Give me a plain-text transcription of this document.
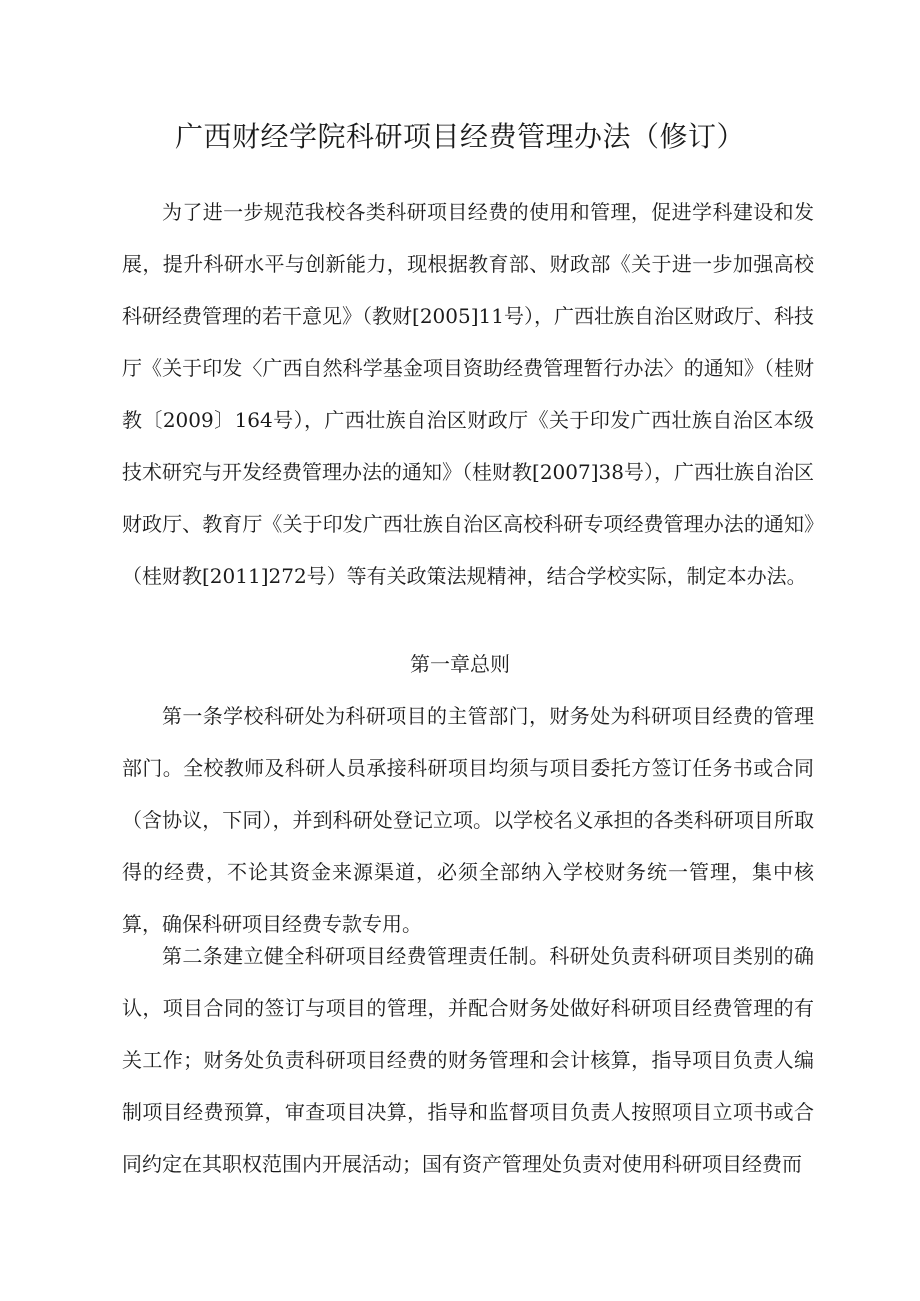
广西财经学院科研项目经费管理办法（修订）

为了进一步规范我校各类科研项目经费的使用和管理，促进学科建设和发展，提升科研水平与创新能力，现根据教育部、财政部《关于进一步加强高校科研经费管理的若干意见》（教财[2005]11号），广西壮族自治区财政厅、科技厅《关于印发〈广西自然科学基金项目资助经费管理暂行办法〉的通知》（桂财教〔2009〕164号），广西壮族自治区财政厅《关于印发广西壮族自治区本级技术研究与开发经费管理办法的通知》（桂财教[2007]38号），广西壮族自治区财政厅、教育厅《关于印发广西壮族自治区高校科研专项经费管理办法的通知》（桂财教[2011]272号）等有关政策法规精神，结合学校实际，制定本办法。

第一章总则

第一条学校科研处为科研项目的主管部门，财务处为科研项目经费的管理部门。全校教师及科研人员承接科研项目均须与项目委托方签订任务书或合同（含协议，下同），并到科研处登记立项。以学校名义承担的各类科研项目所取得的经费，不论其资金来源渠道，必须全部纳入学校财务统一管理，集中核算，确保科研项目经费专款专用。

第二条建立健全科研项目经费管理责任制。科研处负责科研项目类别的确认，项目合同的签订与项目的管理，并配合财务处做好科研项目经费管理的有关工作；财务处负责科研项目经费的财务管理和会计核算，指导项目负责人编制项目经费预算，审查项目决算，指导和监督项目负责人按照项目立项书或合同约定在其职权范围内开展活动；国有资产管理处负责对使用科研项目经费而
